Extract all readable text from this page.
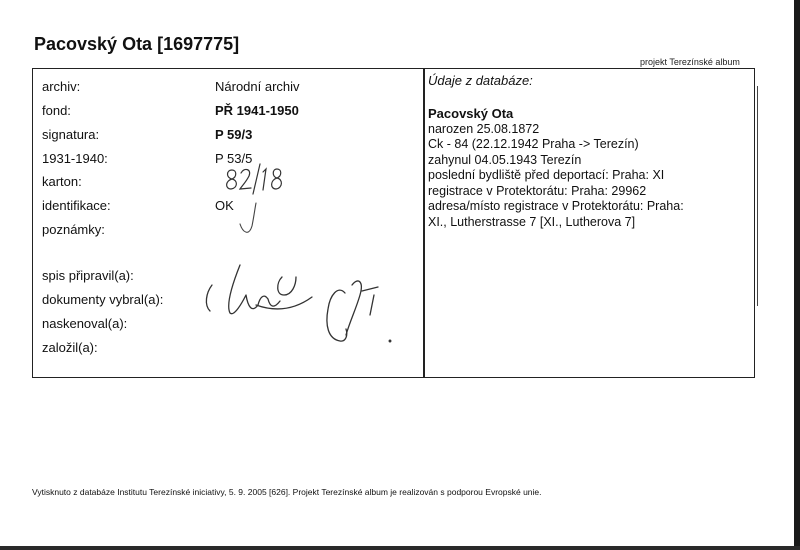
Pacovský Ota [1697775]
projekt Terezínské album
archiv:
fond:
signatura:
1931-1940:
karton:
identifikace:
poznámky:
spis připravil(a):
dokumenty vybral(a):
naskenoval(a):
založil(a):
Národní archiv
PŘ 1941-1950
P 59/3
P 53/5
OK
Údaje z databáze:
Pacovský Ota
narozen 25.08.1872
Ck - 84 (22.12.1942 Praha -> Terezín)
zahynul 04.05.1943 Terezín
poslední bydliště před deportací: Praha: XI
registrace v Protektorátu: Praha: 29962
adresa/místo registrace v Protektorátu: Praha:
XI., Lutherstrasse 7 [XI., Lutherova 7]
Vytisknuto z databáze Institutu Terezínské iniciativy, 5. 9. 2005 [626]. Projekt Terezínské album je realizován s podporou Evropské unie.
